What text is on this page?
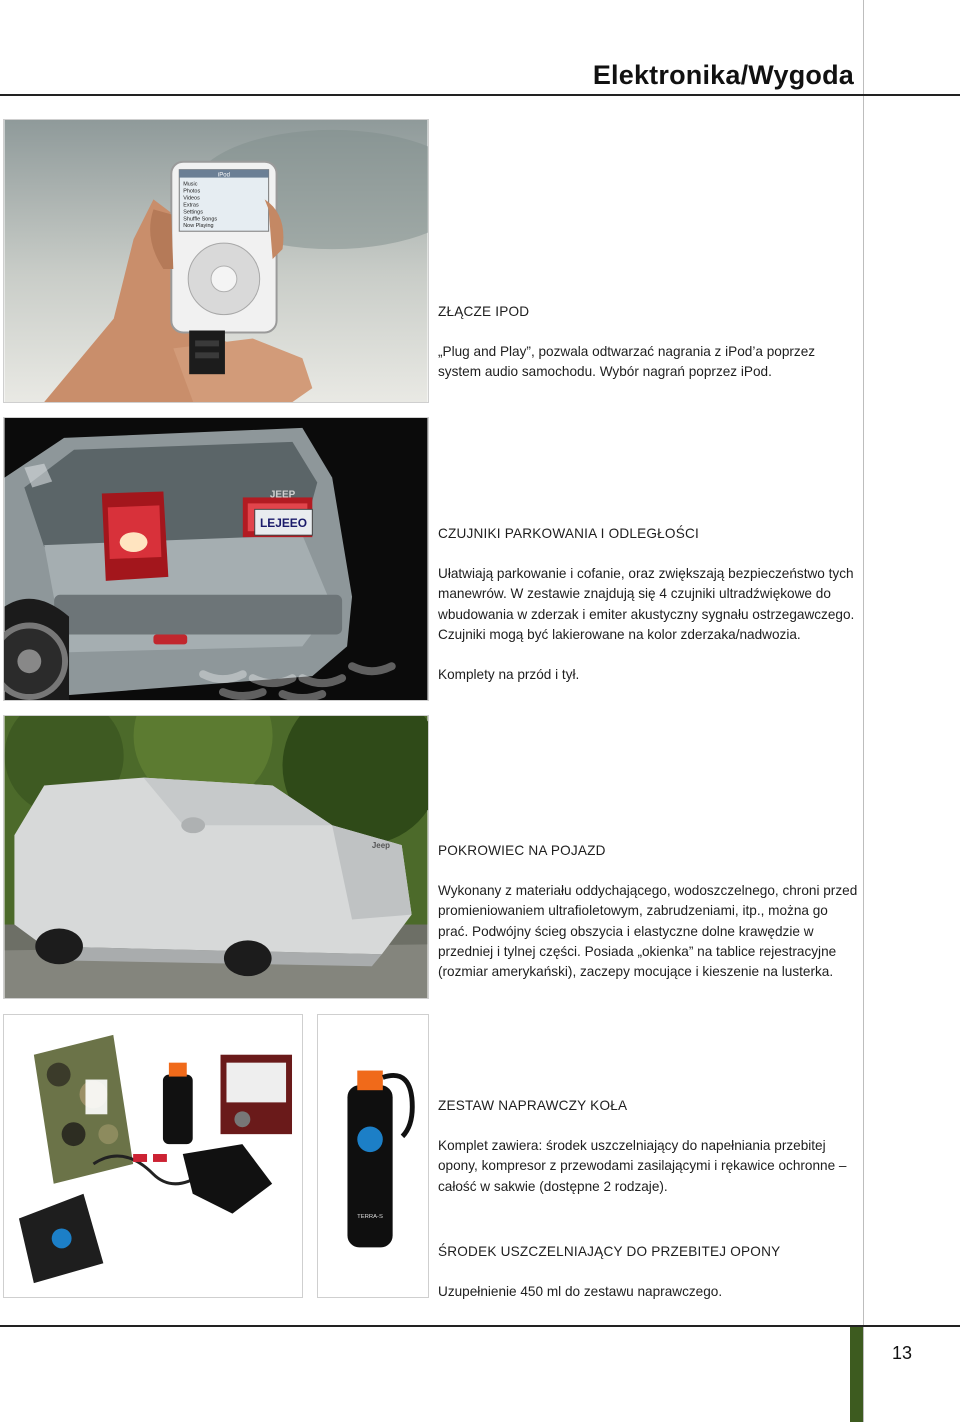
Elektronika/Wygoda
iPod
Music
Photos
Videos
Extras
Settings
Shuffle Songs
Now Playing
ZŁĄCZE IPOD
„Plug and Play”, pozwala odtwarzać nagrania z iPod’a poprzez system audio samochodu. Wybór nagrań poprzez iPod.
JEEP
LEJEEO
CZUJNIKI PARKOWANIA I ODLEGŁOŚCI
Ułatwiają parkowanie i cofanie, oraz zwiększają bezpieczeństwo tych manewrów. W zestawie znajdują się 4 czujniki ultradźwiękowe do wbudowania w zderzak i emiter akustyczny sygnału ostrzegawczego. Czujniki mogą być lakierowane na kolor zderzaka/nadwozia.
Komplety na przód i tył.
Jeep	POKROWIEC NA POJAZD
Wykonany z materiału oddychającego, wodoszczelnego, chroni przed promieniowaniem ultrafioletowym, zabrudzeniami, itp., można go prać. Podwójny ścieg obszycia i elastyczne dolne krawędzie w przedniej i tylnej części. Posiada „okienka” na tablice rejestracyjne (rozmiar amerykański), zaczepy mocujące i kieszenie na lusterka.
TERRA-S
ZESTAW NAPRAWCZY KOŁA
Komplet zawiera: środek uszczelniający do napełniania przebitej opony, kompresor z przewodami zasilającymi i rękawice ochronne – całość w sakwie (dostępne 2 rodzaje).
ŚRODEK USZCZELNIAJĄCY DO PRZEBITEJ OPONY
Uzupełnienie 450 ml do zestawu naprawczego.
13
